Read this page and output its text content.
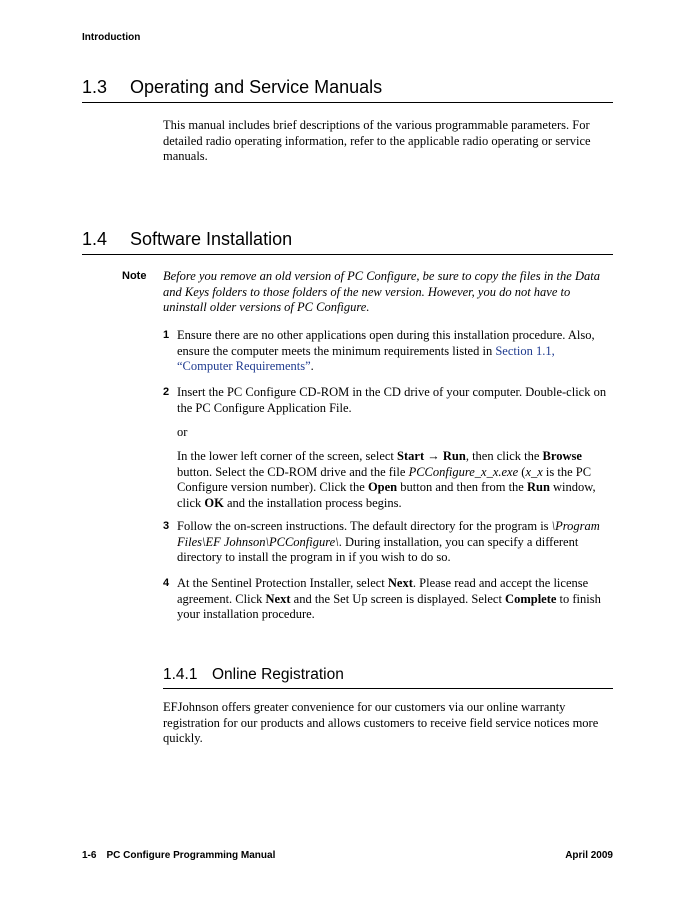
Introduction
1.3 Operating and Service Manuals
This manual includes brief descriptions of the various programmable parameters. For detailed radio operating information, refer to the applicable radio operating or service manuals.
1.4 Software Installation
Note Before you remove an old version of PC Configure, be sure to copy the files in the Data and Keys folders to those folders of the new version. However, you do not have to uninstall older versions of PC Configure.
1 Ensure there are no other applications open during this installation procedure. Also, ensure the computer meets the minimum requirements listed in Section 1.1, “Computer Requirements”.
2 Insert the PC Configure CD-ROM in the CD drive of your computer. Double-click on the PC Configure Application File.
or
In the lower left corner of the screen, select Start → Run, then click the Browse button. Select the CD-ROM drive and the file PCConfigure_x_x.exe (x_x is the PC Configure version number). Click the Open button and then from the Run window, click OK and the installation process begins.
3 Follow the on-screen instructions. The default directory for the program is \Program Files\EF Johnson\PCConfigure\. During installation, you can specify a different directory to install the program in if you wish to do so.
4 At the Sentinel Protection Installer, select Next. Please read and accept the license agreement. Click Next and the Set Up screen is displayed. Select Complete to finish your installation procedure.
1.4.1 Online Registration
EFJohnson offers greater convenience for our customers via our online warranty registration for our products and allows customers to receive field service notices more quickly.
1-6 PC Configure Programming Manual	April 2009
